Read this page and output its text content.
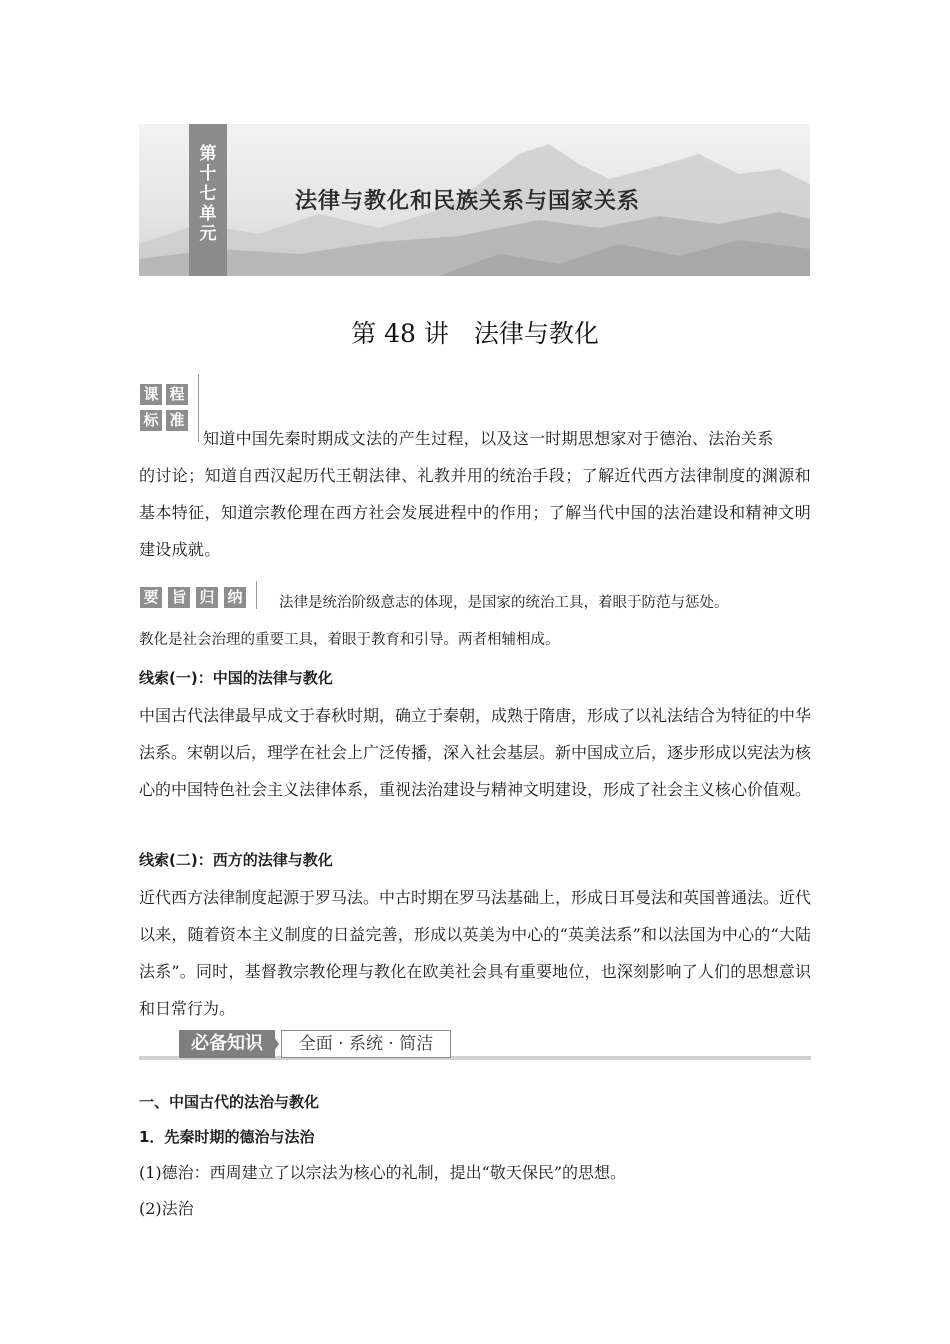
第
十
七
单
元
法律与教化和民族关系与国家关系
第 48 讲　法律与教化
课 程
标 准

知道中国先秦时期成文法的产生过程，以及这一时期思想家对于德治、法治关系

的讨论；知道自西汉起历代王朝法律、礼教并用的统治手段；了解近代西方法律制度的渊源和基本特征，知道宗教伦理在西方社会发展进程中的作用；了解当代中国的法治建设和精神文明建设成就。

要 旨 归 纳	法律是统治阶级意志的体现，是国家的统治工具，着眼于防范与惩处。

教化是社会治理的重要工具，着眼于教育和引导。两者相辅相成。

线索(一)：中国的法律与教化

中国古代法律最早成文于春秋时期，确立于秦朝，成熟于隋唐，形成了以礼法结合为特征的中华法系。宋朝以后，理学在社会上广泛传播，深入社会基层。新中国成立后，逐步形成以宪法为核心的中国特色社会主义法律体系，重视法治建设与精神文明建设，形成了社会主义核心价值观。

线索(二)：西方的法律与教化

近代西方法律制度起源于罗马法。中古时期在罗马法基础上，形成日耳曼法和英国普通法。近代以来，随着资本主义制度的日益完善，形成以英美为中心的“英美法系”和以法国为中心的“大陆法系”。同时，基督教宗教伦理与教化在欧美社会具有重要地位，也深刻影响了人们的思想意识和日常行为。

必备知识	全面 · 系统 · 简洁

一、中国古代的法治与教化

1．先秦时期的德治与法治

(1)德治：西周建立了以宗法为核心的礼制，提出“敬天保民”的思想。

(2)法治
